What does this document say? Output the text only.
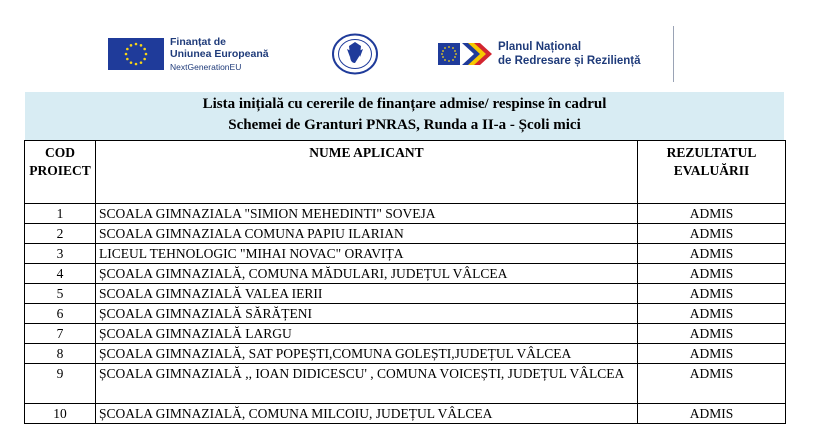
Finanțat de
Uniunea Europeană
NextGenerationEU
Planul Național
de Redresare și Reziliență
Lista inițială cu cererile de finanțare admise/ respinse în cadrul
Schemei de Granturi PNRAS, Runda a II-a - Școli mici
COD PROIECT	NUME APLICANT	REZULTATUL EVALUĂRII
1	SCOALA GIMNAZIALA "SIMION MEHEDINTI" SOVEJA	ADMIS
2	SCOALA GIMNAZIALA COMUNA PAPIU ILARIAN	ADMIS
3	LICEUL TEHNOLOGIC "MIHAI NOVAC" ORAVIȚA	ADMIS
4	ȘCOALA GIMNAZIALĂ, COMUNA MĂDULARI, JUDEȚUL VÂLCEA	ADMIS
5	SCOALA GIMNAZIALĂ VALEA IERII	ADMIS
6	ȘCOALA GIMNAZIALĂ SĂRĂȚENI	ADMIS
7	ȘCOALA GIMNAZIALĂ LARGU	ADMIS
8	ȘCOALA GIMNAZIALĂ, SAT POPEȘTI,COMUNA GOLEȘTI,JUDEȚUL VÂLCEA	ADMIS
9	ȘCOALA GIMNAZIALĂ ,, IOAN DIDICESCU' , COMUNA VOICEȘTI, JUDEȚUL VÂLCEA	ADMIS
10	ȘCOALA GIMNAZIALĂ, COMUNA MILCOIU, JUDEȚUL VÂLCEA	ADMIS
